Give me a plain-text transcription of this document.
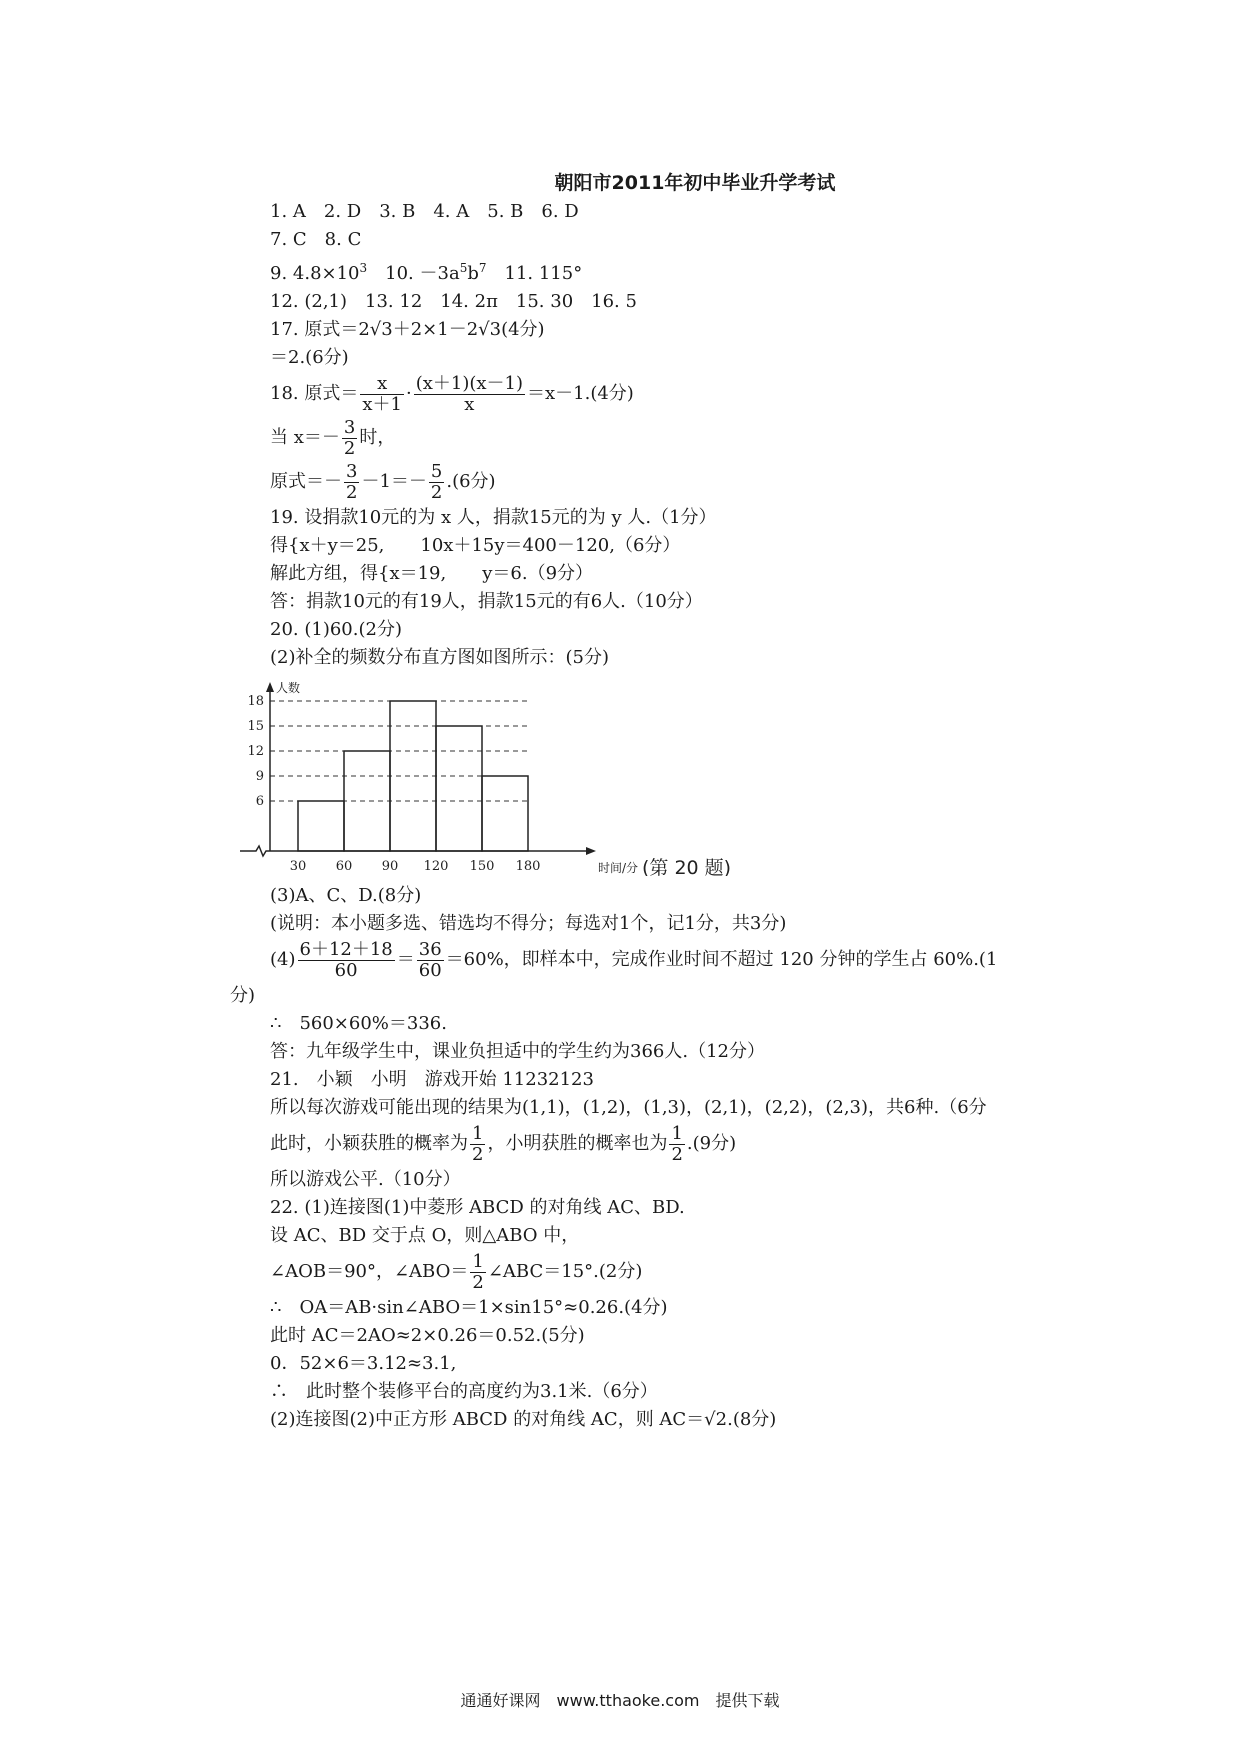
朝阳市2011年初中毕业升学考试
1. A　2. D　3. B　4. A　5. B　6. D
7. C　8. C
9. $4.8\times 10^3$　10. $-3a^5b^7$　11. 115°
12. (2,1)　13. 12　14. 2π　15. 30　16. 5
17. 原式＝2√3＋2×1－2√3(4分)
＝2.(6分)
18. 原式＝ $\frac{x}{x+1} \cdot \frac{(x+1)(x-1)}{x} =x-1.(4$分)
当 $x=- \frac{3}{2}$ 时，
原式＝－ $\frac{3}{2} -1=- \frac{5}{2} .(6$分)
19. 设捐款10元的为 x 人，捐款15元的为 y 人.（1分）
得{x＋y＝25,　　10x＋15y＝400－120,（6分）
解此方组，得{x＝19,　　y＝6.（9分）
答：捐款10元的有19人，捐款15元的有6人.（10分）
20. (1)60.(2分)
(2)补全的频数分布直方图如图所示：(5分)
6
9
12
15
18
30 60 90 120 150 180
人数
时间/分 (第 20 题)
(3)A、C、D.(8分)
(说明：本小题多选、错选均不得分；每选对1个，记1分，共3分)
$(4) \frac{6+12+18}{60} = \frac{36}{60} =60\%$，即样本中，完成作业时间不超过 120 分钟的学生占 60%.(1
分)
∴　560×60%＝336.
答：九年级学生中，课业负担适中的学生约为366人.（12分）
21.　小颖　小明　游戏开始 11232123
所以每次游戏可能出现的结果为(1,1)，(1,2)，(1,3)，(2,1)，(2,2)，(2,3)，共6种.（6分
此时，小颖获胜的概率为 $\frac{1}{2}$ ，小明获胜的概率也为 $\frac{1}{2} .(9$分)
所以游戏公平.（10分）
22. (1)连接图(1)中菱形 ABCD 的对角线 AC、BD.
设 AC、BD 交于点 O，则△ABO 中，
∠AOB＝90°，∠ABO＝ $\frac{1}{2}$ ∠ABC＝15°.(2分)
∴　OA＝AB·sin∠ABO＝1×sin15°≈0.26.(4分)
此时 AC＝2AO≈2×0.26＝0.52.(5分)
0．52×6＝3.12≈3.1,
∴　此时整个装修平台的高度约为3.1米.（6分）
(2)连接图(2)中正方形 ABCD 的对角线 AC，则 AC＝√2.(8分)
通通好课网　www.tthaoke.com　提供下载
